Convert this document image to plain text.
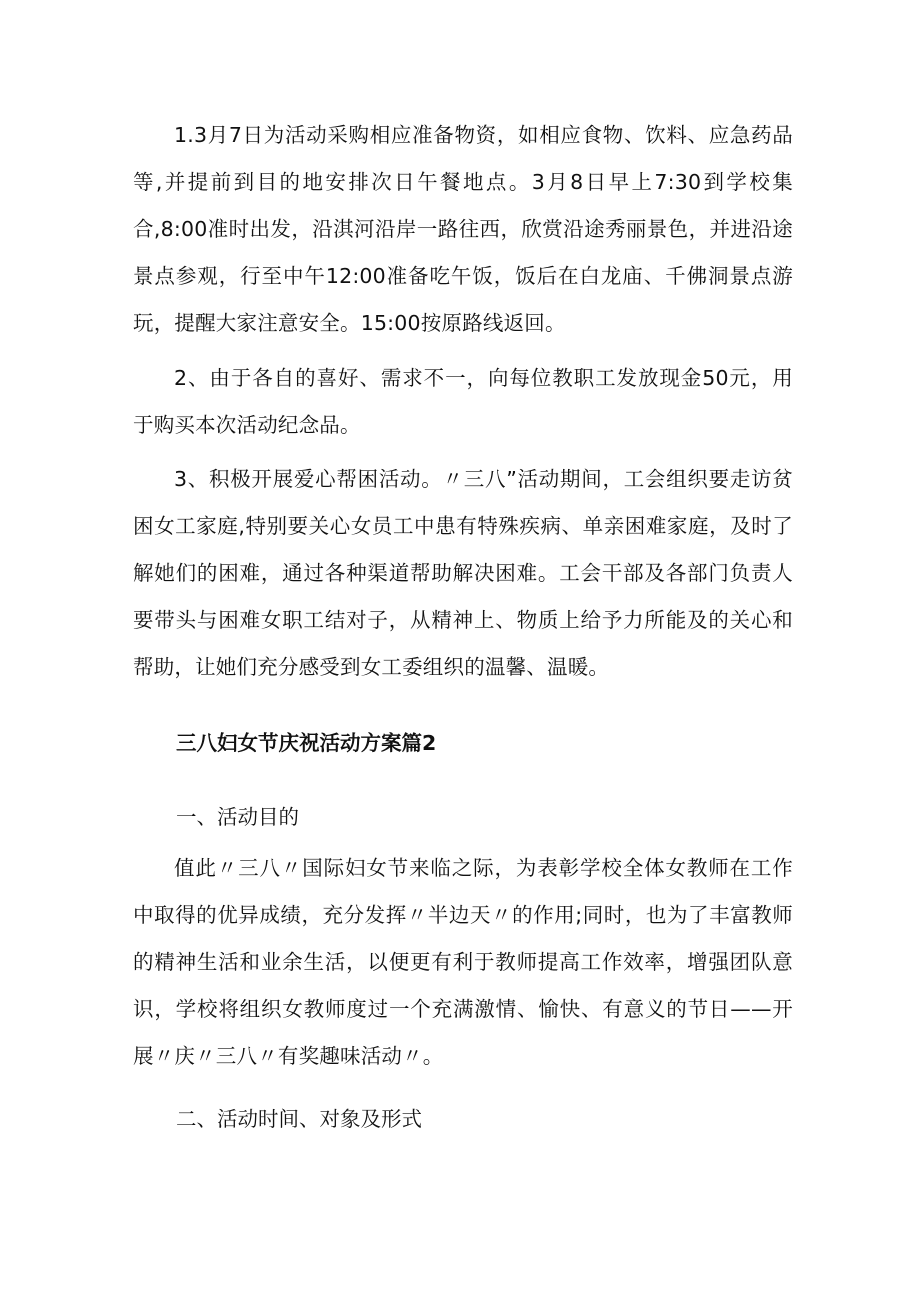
1.3月7日为活动采购相应准备物资，如相应食物、饮料、应急药品等,并提前到目的地安排次日午餐地点。3月8日早上7:30到学校集合,8:00准时出发，沿淇河沿岸一路往西，欣赏沿途秀丽景色，并进沿途景点参观，行至中午12:00准备吃午饭，饭后在白龙庙、千佛洞景点游玩，提醒大家注意安全。15:00按原路线返回。

2、由于各自的喜好、需求不一，向每位教职工发放现金50元，用于购买本次活动纪念品。

3、积极开展爱心帮困活动。〃三八”活动期间，工会组织要走访贫困女工家庭,特别要关心女员工中患有特殊疾病、单亲困难家庭，及时了解她们的困难，通过各种渠道帮助解决困难。工会干部及各部门负责人要带头与困难女职工结对子，从精神上、物质上给予力所能及的关心和帮助，让她们充分感受到女工委组织的温馨、温暖。

三八妇女节庆祝活动方案篇2

一、活动目的

值此〃三八〃国际妇女节来临之际，为表彰学校全体女教师在工作中取得的优异成绩，充分发挥〃半边天〃的作用;同时，也为了丰富教师的精神生活和业余生活，以便更有利于教师提高工作效率，增强团队意识，学校将组织女教师度过一个充满激情、愉快、有意义的节日——开展〃庆〃三八〃有奖趣味活动〃。

二、活动时间、对象及形式
